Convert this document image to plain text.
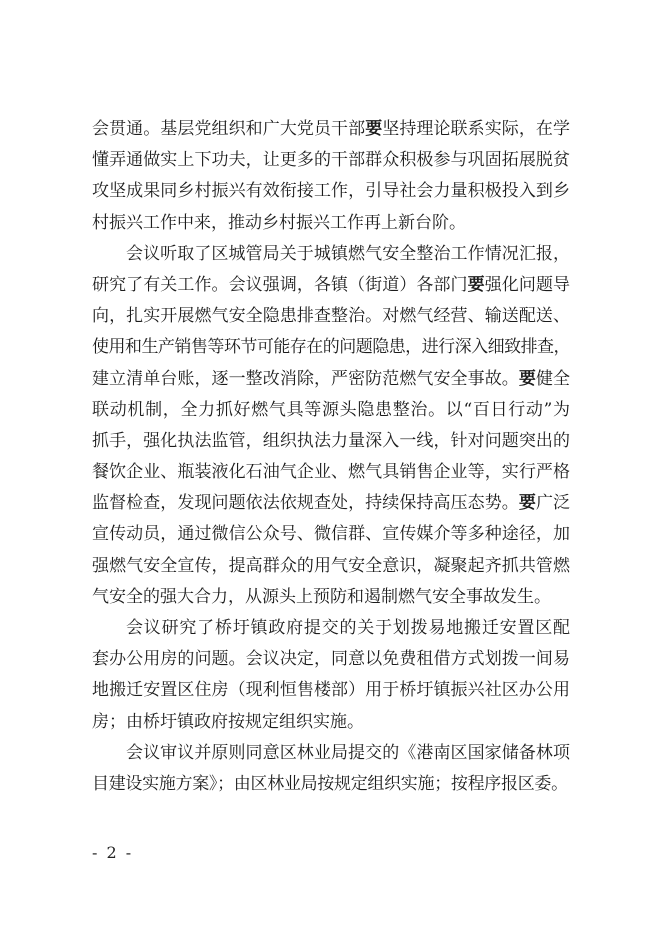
会贯通。基层党组织和广大党员干部要坚持理论联系实际，在学
懂弄通做实上下功夫，让更多的干部群众积极参与巩固拓展脱贫
攻坚成果同乡村振兴有效衔接工作，引导社会力量积极投入到乡
村振兴工作中来，推动乡村振兴工作再上新台阶。
会议听取了区城管局关于城镇燃气安全整治工作情况汇报，
研究了有关工作。会议强调，各镇（街道）各部门要强化问题导
向，扎实开展燃气安全隐患排查整治。对燃气经营、输送配送、
使用和生产销售等环节可能存在的问题隐患，进行深入细致排查，
建立清单台账，逐一整改消除，严密防范燃气安全事故。要健全
联动机制，全力抓好燃气具等源头隐患整治。以“百日行动”为
抓手，强化执法监管，组织执法力量深入一线，针对问题突出的
餐饮企业、瓶装液化石油气企业、燃气具销售企业等，实行严格
监督检查，发现问题依法依规查处，持续保持高压态势。要广泛
宣传动员，通过微信公众号、微信群、宣传媒介等多种途径，加
强燃气安全宣传，提高群众的用气安全意识，凝聚起齐抓共管燃
气安全的强大合力，从源头上预防和遏制燃气安全事故发生。
会议研究了桥圩镇政府提交的关于划拨易地搬迁安置区配
套办公用房的问题。会议决定，同意以免费租借方式划拨一间易
地搬迁安置区住房（现利恒售楼部）用于桥圩镇振兴社区办公用
房；由桥圩镇政府按规定组织实施。
会议审议并原则同意区林业局提交的《港南区国家储备林项
目建设实施方案》；由区林业局按规定组织实施；按程序报区委。
- 2 -
